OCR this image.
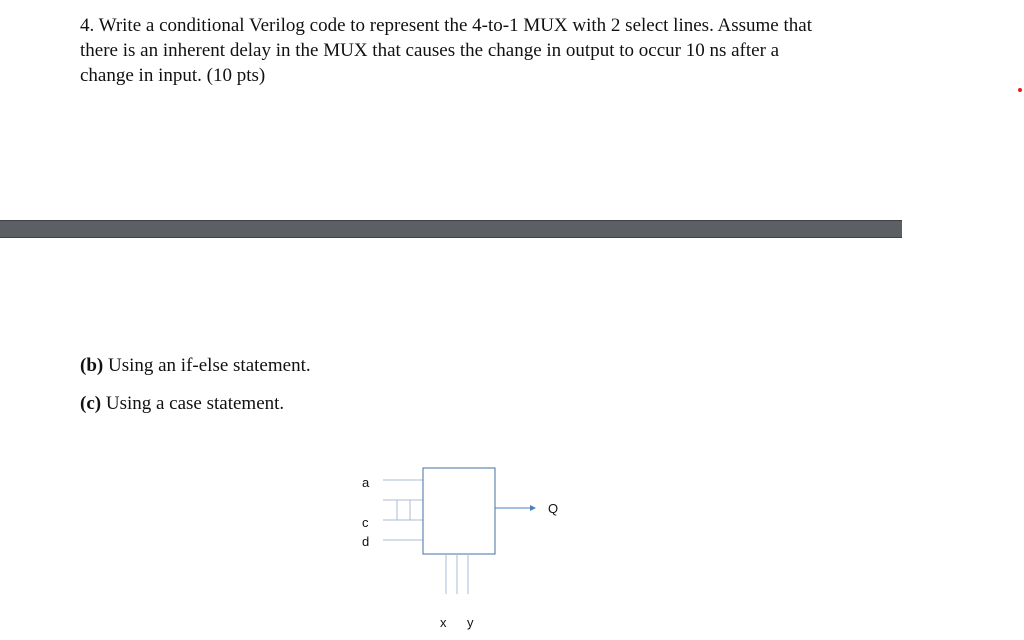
4. Write a conditional Verilog code to represent the 4-to-1 MUX with 2 select lines. Assume that
there is an inherent delay in the MUX that causes the change in output to occur 10 ns after a
change in input. (10 pts)
(b) Using an if-else statement.
(c) Using a case statement.
a
c
d
Q
x y
